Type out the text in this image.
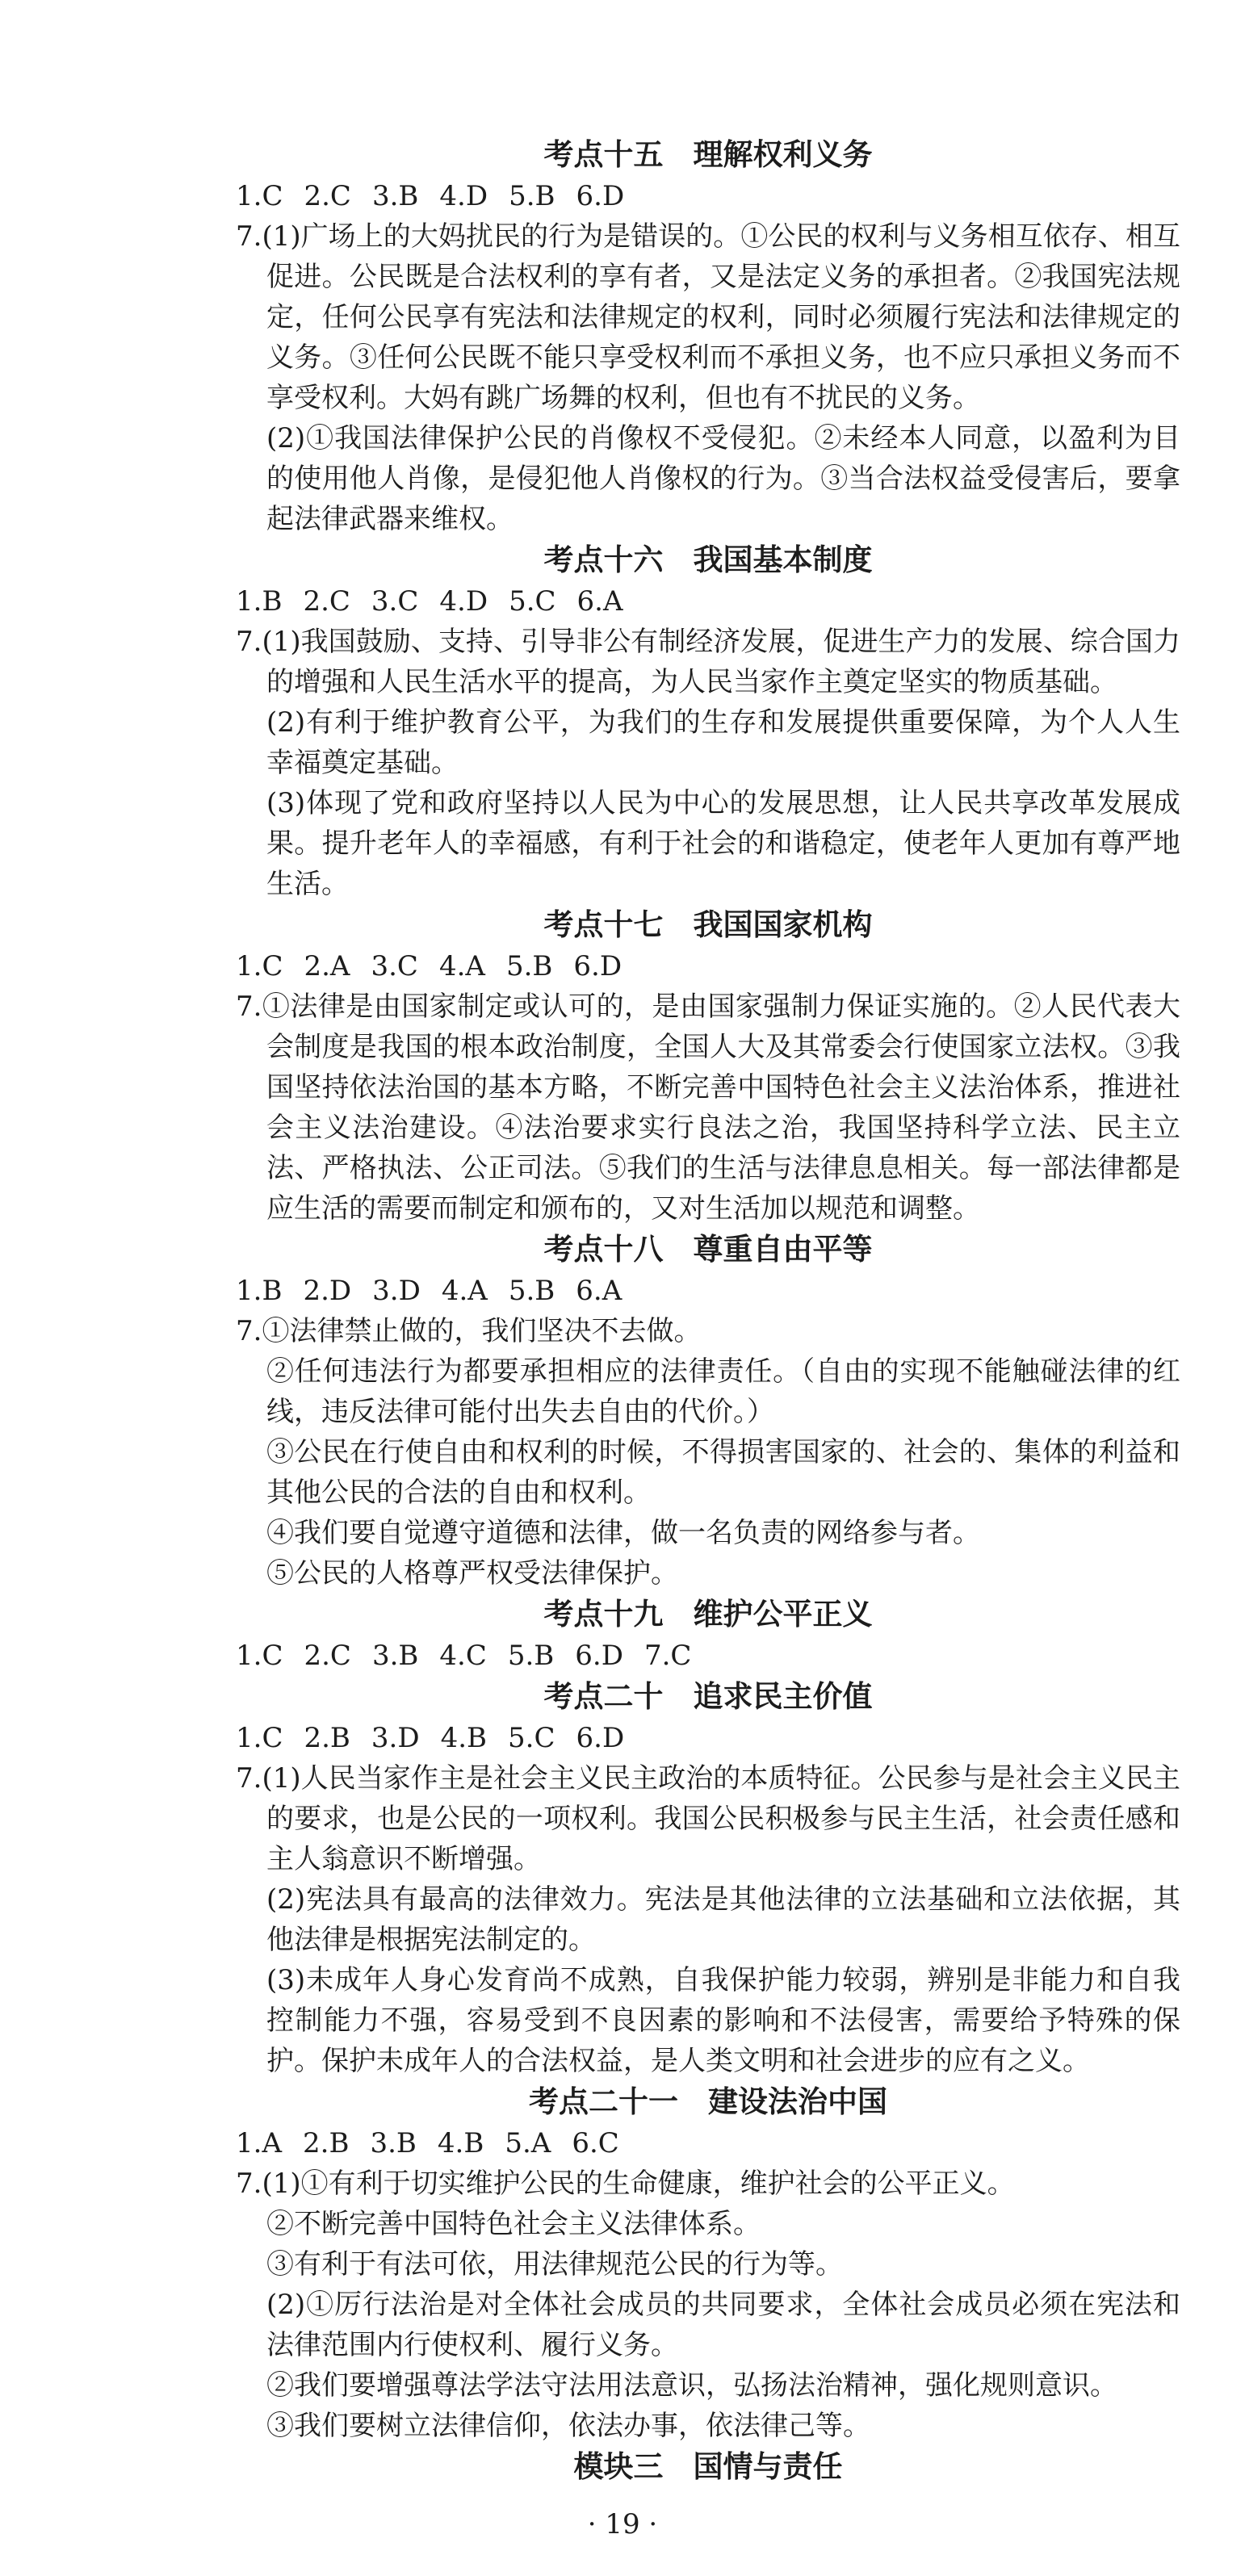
考点十五　理解权利义务

1.C 2.C 3.B 4.D 5.B 6.D

7.(1)广场上的大妈扰民的行为是错误的。①公民的权利与义务相互依存、相互促进。公民既是合法权利的享有者，又是法定义务的承担者。②我国宪法规定，任何公民享有宪法和法律规定的权利，同时必须履行宪法和法律规定的义务。③任何公民既不能只享受权利而不承担义务，也不应只承担义务而不享受权利。大妈有跳广场舞的权利，但也有不扰民的义务。
(2)①我国法律保护公民的肖像权不受侵犯。②未经本人同意，以盈利为目的使用他人肖像，是侵犯他人肖像权的行为。③当合法权益受侵害后，要拿起法律武器来维权。
考点十六　我国基本制度

1.B 2.C 3.C 4.D 5.C 6.A

7.(1)我国鼓励、支持、引导非公有制经济发展，促进生产力的发展、综合国力的增强和人民生活水平的提高，为人民当家作主奠定坚实的物质基础。
(2)有利于维护教育公平，为我们的生存和发展提供重要保障，为个人人生幸福奠定基础。
(3)体现了党和政府坚持以人民为中心的发展思想，让人民共享改革发展成果。提升老年人的幸福感，有利于社会的和谐稳定，使老年人更加有尊严地生活。
考点十七　我国国家机构

1.C 2.A 3.C 4.A 5.B 6.D

7.①法律是由国家制定或认可的，是由国家强制力保证实施的。②人民代表大会制度是我国的根本政治制度，全国人大及其常委会行使国家立法权。③我国坚持依法治国的基本方略，不断完善中国特色社会主义法治体系，推进社会主义法治建设。④法治要求实行良法之治，我国坚持科学立法、民主立法、严格执法、公正司法。⑤我们的生活与法律息息相关。每一部法律都是应生活的需要而制定和颁布的，又对生活加以规范和调整。
考点十八　尊重自由平等

1.B 2.D 3.D 4.A 5.B 6.A

7.①法律禁止做的，我们坚决不去做。
②任何违法行为都要承担相应的法律责任。（自由的实现不能触碰法律的红线，违反法律可能付出失去自由的代价。）
③公民在行使自由和权利的时候，不得损害国家的、社会的、集体的利益和其他公民的合法的自由和权利。
④我们要自觉遵守道德和法律，做一名负责的网络参与者。
⑤公民的人格尊严权受法律保护。
考点十九　维护公平正义

1.C 2.C 3.B 4.C 5.B 6.D 7.C

考点二十　追求民主价值

1.C 2.B 3.D 4.B 5.C 6.D

7.(1)人民当家作主是社会主义民主政治的本质特征。公民参与是社会主义民主的要求，也是公民的一项权利。我国公民积极参与民主生活，社会责任感和主人翁意识不断增强。
(2)宪法具有最高的法律效力。宪法是其他法律的立法基础和立法依据，其他法律是根据宪法制定的。
(3)未成年人身心发育尚不成熟，自我保护能力较弱，辨别是非能力和自我控制能力不强，容易受到不良因素的影响和不法侵害，需要给予特殊的保护。保护未成年人的合法权益，是人类文明和社会进步的应有之义。
考点二十一　建设法治中国

1.A 2.B 3.B 4.B 5.A 6.C

7.(1)①有利于切实维护公民的生命健康，维护社会的公平正义。
②不断完善中国特色社会主义法律体系。
③有利于有法可依，用法律规范公民的行为等。
(2)①厉行法治是对全体社会成员的共同要求，全体社会成员必须在宪法和法律范围内行使权利、履行义务。
②我们要增强尊法学法守法用法意识，弘扬法治精神，强化规则意识。
③我们要树立法律信仰，依法办事，依法律己等。
模块三　国情与责任
· 19 ·
